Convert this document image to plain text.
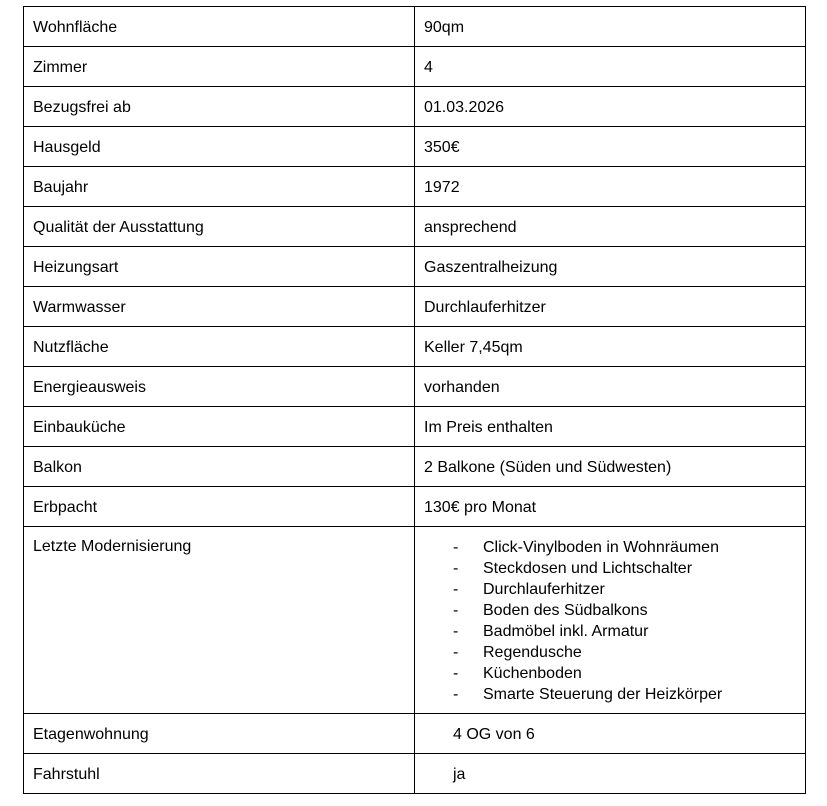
Wohnfläche	90qm

Zimmer	4

Bezugsfrei ab	01.03.2026

Hausgeld	350€

Baujahr	1972

Qualität der Ausstattung	ansprechend

Heizungsart	Gaszentralheizung

Warmwasser	Durchlauferhitzer

Nutzfläche	Keller 7,45qm

Energieausweis	vorhanden

Einbauküche	Im Preis enthalten

Balkon	2 Balkone (Süden und Südwesten)

Erbpacht	130€ pro Monat

Letzte Modernisierung	- Click-Vinylboden in Wohnräumen
- Steckdosen und Lichtschalter
- Durchlauferhitzer
- Boden des Südbalkons
- Badmöbel inkl. Armatur
- Regendusche
- Küchenboden
- Smarte Steuerung der Heizkörper

Etagenwohnung	4 OG von 6

Fahrstuhl	ja
